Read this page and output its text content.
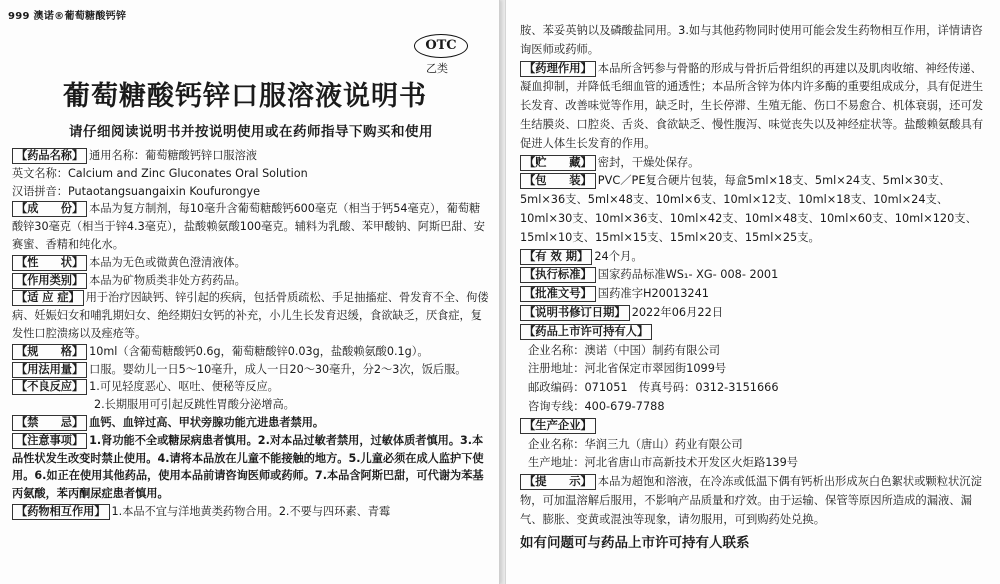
999 澳诺®葡萄糖酸钙锌
OTC
乙类
葡萄糖酸钙锌口服溶液说明书
请仔细阅读说明书并按说明使用或在药师指导下购买和使用
【药品名称】 通用名称：葡萄糖酸钙锌口服溶液
英文名称：Calcium and Zinc Gluconates Oral Solution
汉语拼音：Putaotangsuangaixin Koufurongye
【成　　份】 本品为复方制剂，每10毫升含葡萄糖酸钙600毫克（相当于钙54毫克），葡萄糖酸锌30毫克（相当于锌4.3毫克），盐酸赖氨酸100毫克。辅料为乳酸、苯甲酸钠、阿斯巴甜、安赛蜜、香精和纯化水。
【性　　状】 本品为无色或微黄色澄清液体。
【作用类别】 本品为矿物质类非处方药药品。
【适 应 症】 用于治疗因缺钙、锌引起的疾病，包括骨质疏松、手足抽搐症、骨发育不全、佝偻病、妊娠妇女和哺乳期妇女、绝经期妇女钙的补充，小儿生长发育迟缓，食欲缺乏，厌食症，复发性口腔溃疡以及痤疮等。
【规　　格】 10ml（含葡萄糖酸钙0.6g，葡萄糖酸锌0.03g，盐酸赖氨酸0.1g）。
【用法用量】 口服。婴幼儿一日5～10毫升，成人一日20～30毫升，分2～3次，饭后服。
【不良反应】 1.可见轻度恶心、呕吐、便秘等反应。
2.长期服用可引起反跳性胃酸分泌增高。
【禁　　忌】 血钙、血锌过高、甲状旁腺功能亢进患者禁用。
【注意事项】 1.肾功能不全或糖尿病患者慎用。2.对本品过敏者禁用，过敏体质者慎用。3.本品性状发生改变时禁止使用。4.请将本品放在儿童不能接触的地方。5.儿童必须在成人监护下使用。6.如正在使用其他药品，使用本品前请咨询医师或药师。7.本品含阿斯巴甜，可代谢为苯基丙氨酸，苯丙酮尿症患者慎用。
【药物相互作用】 1.本品不宜与洋地黄类药物合用。2.不要与四环素、青霉
胺、苯妥英钠以及磷酸盐同用。3.如与其他药物同时使用可能会发生药物相互作用，详情请咨询医师或药师。
【药理作用】 本品所含钙参与骨骼的形成与骨折后骨组织的再建以及肌肉收缩、神经传递、凝血抑制，并降低毛细血管的通透性；本品所含锌为体内许多酶的重要组成成分，具有促进生长发育、改善味觉等作用，缺乏时，生长停滞、生殖无能、伤口不易愈合、机体衰弱，还可发生结膜炎、口腔炎、舌炎、食欲缺乏、慢性腹泻、味觉丧失以及神经症状等。盐酸赖氨酸具有促进人体生长发育的作用。
【贮　　藏】 密封，干燥处保存。
【包　　装】 PVC／PE复合硬片包装，每盒5ml×18支、5ml×24支、5ml×30支、5ml×36支、5ml×48支、10ml×6支、10ml×12支、10ml×18支、10ml×24支、10ml×30支、10ml×36支、10ml×42支、10ml×48支、10ml×60支、10ml×120支、15ml×10支、15ml×15支、15ml×20支、15ml×25支。
【有 效 期】 24个月。
【执行标准】 国家药品标准WS₁- XG- 008- 2001
【批准文号】 国药准字H20013241
【说明书修订日期】 2022年06月22日
【药品上市许可持有人】
企业名称：澳诺（中国）制药有限公司
注册地址：河北省保定市翠园街1099号
邮政编码：071051　传真号码：0312-3151666
咨询专线：400-679-7788
【生产企业】
企业名称：华润三九（唐山）药业有限公司
生产地址：河北省唐山市高新技术开发区火炬路139号
【提　　示】 本品为超饱和溶液，在冷冻或低温下偶有钙析出形成灰白色絮状或颗粒状沉淀物，可加温溶解后服用，不影响产品质量和疗效。由于运输、保管等原因所造成的漏液、漏气、膨胀、变黄或混浊等现象，请勿服用，可到购药处兑换。
如有问题可与药品上市许可持有人联系
